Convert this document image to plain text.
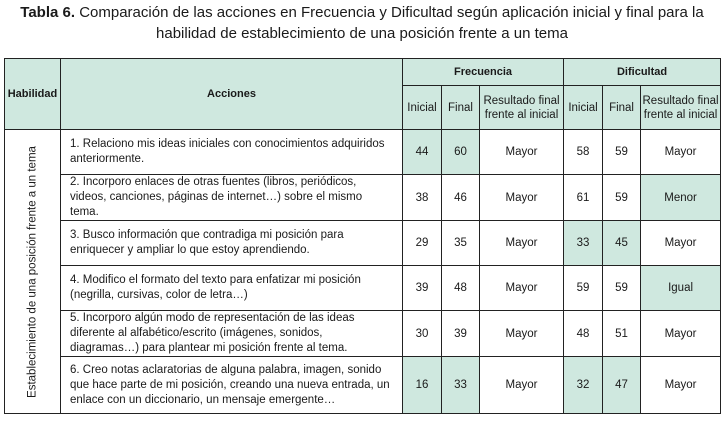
Tabla 6. Comparación de las acciones en Frecuencia y Dificultad según aplicación inicial y final para la habilidad de establecimiento de una posición frente a un tema
Habilidad	Acciones	Frecuencia			Dificultad		
		Inicial	Final	Resultado final frente al inicial	Inicial	Final	Resultado final frente al inicial

Establecimiento de una posición frente a un tema	1. Relaciono mis ideas iniciales con conocimientos adquiridos anteriormente.	44	60	Mayor	58	59	Mayor
	2. Incorporo enlaces de otras fuentes (libros, periódicos, videos, canciones, páginas de internet…) sobre el mismo tema.	38	46	Mayor	61	59	Menor
	3. Busco información que contradiga mi posición para enriquecer y ampliar lo que estoy aprendiendo.	29	35	Mayor	33	45	Mayor
	4. Modifico el formato del texto para enfatizar mi posición (negrilla, cursivas, color de letra…)	39	48	Mayor	59	59	Igual
	5. Incorporo algún modo de representación de las ideas diferente al alfabético/escrito (imágenes, sonidos, diagramas…) para plantear mi posición frente al tema.	30	39	Mayor	48	51	Mayor
	6. Creo notas aclaratorias de alguna palabra, imagen, sonido que hace parte de mi posición, creando una nueva entrada, un enlace con un diccionario, un mensaje emergente…	16	33	Mayor	32	47	Mayor
